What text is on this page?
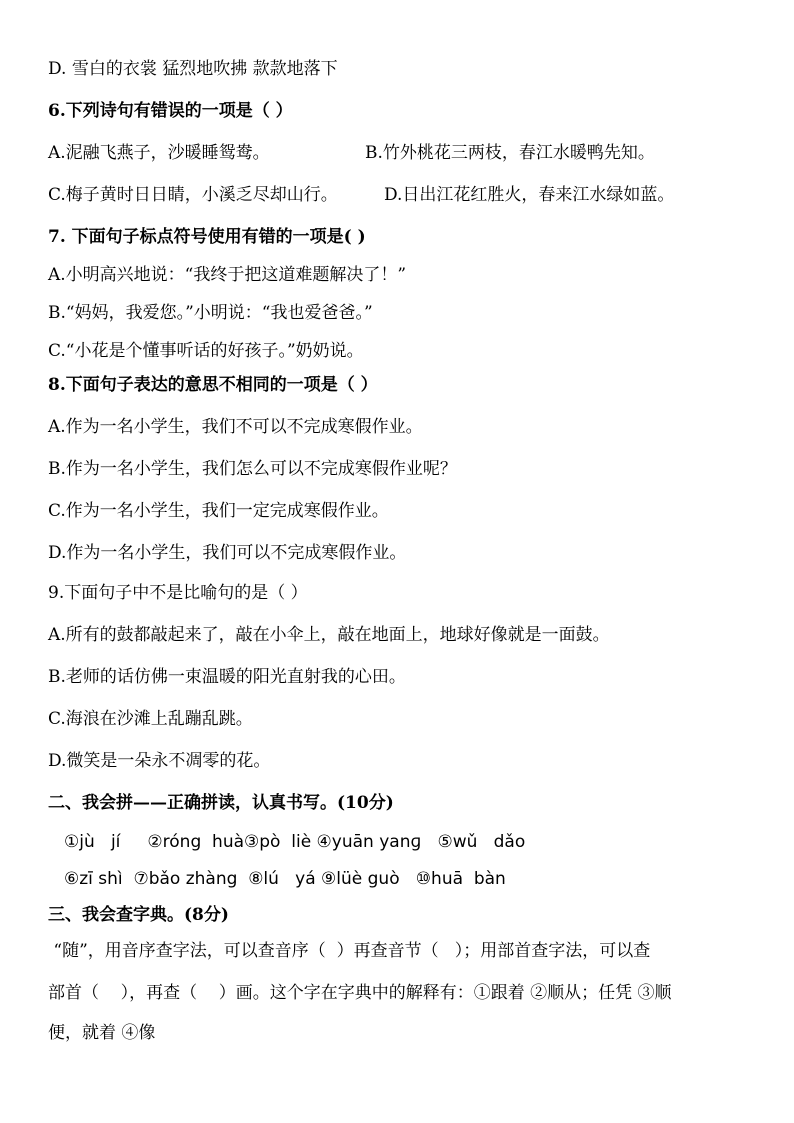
D. 雪白的衣裳 猛烈地吹拂 款款地落下
6.下列诗句有错误的一项是（ ）
A.泥融飞燕子，沙暖睡鸳鸯。	B.竹外桃花三两枝，春江水暖鸭先知。
C.梅子黄时日日睛，小溪乏尽却山行。	D.日出江花红胜火，春来江水绿如蓝。
7. 下面句子标点符号使用有错的一项是( )
A.小明高兴地说：“我终于把这道难题解决了！”
B.“妈妈，我爱您。”小明说：“我也爱爸爸。”
C.“小花是个懂事听话的好孩子。”奶奶说。
8.下面句子表达的意思不相同的一项是（ ）
A.作为一名小学生，我们不可以不完成寒假作业。
B.作为一名小学生，我们怎么可以不完成寒假作业呢？
C.作为一名小学生，我们一定完成寒假作业。
D.作为一名小学生，我们可以不完成寒假作业。
9.下面句子中不是比喻句的是（ ）
A.所有的鼓都敲起来了，敲在小伞上，敲在地面上，地球好像就是一面鼓。
B.老师的话仿佛一束温暖的阳光直射我的心田。
C.海浪在沙滩上乱蹦乱跳。
D.微笑是一朵永不凋零的花。
二、我会拼——正确拼读，认真书写。(10分)
①jù   jí     ②róng  huà③pò  liè ④yuān yanɡ   ⑤wǔ   dǎo
⑥zī shì  ⑦bǎo zhàng  ⑧lú   yá ⑨lüè guò   ⑩huā  bàn
三、我会查字典。(8分)
“随”，用音序查字法，可以查音序（  ）再查音节（   ）；用部首查字法，可以查
部首（    ），再查（    ）画。这个字在字典中的解释有：①跟着 ②顺从；任凭 ③顺
便，就着 ④像
